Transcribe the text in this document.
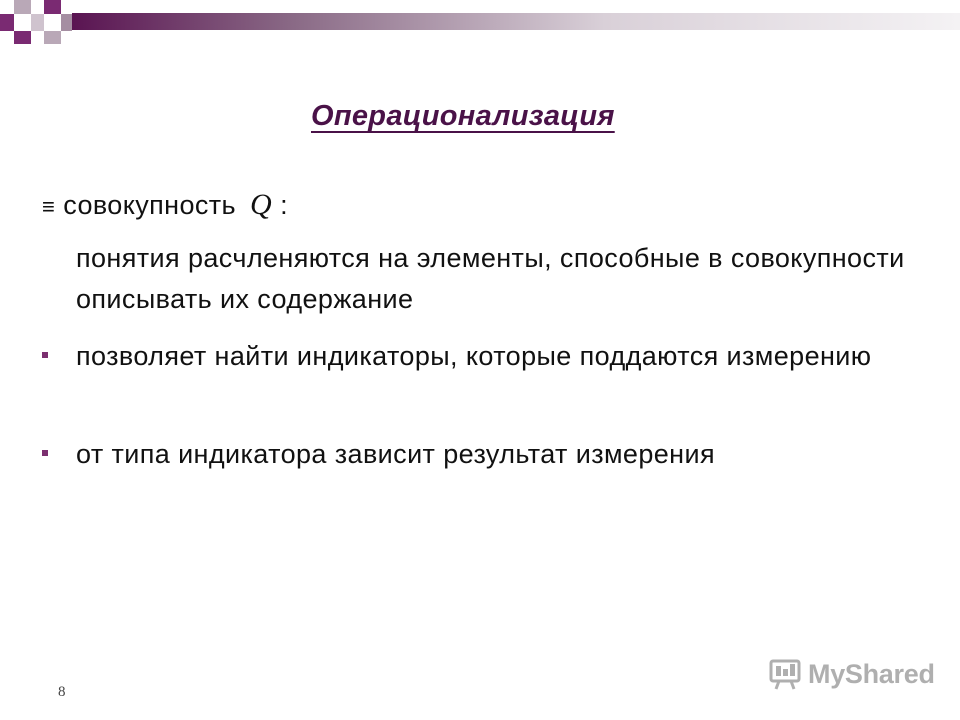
Операционализация
≡ совокупность Q :
понятия расчленяются на элементы, способные в совокупности описывать их содержание
позволяет найти индикаторы, которые поддаются измерению
от типа индикатора зависит результат измерения
8
MyShared
